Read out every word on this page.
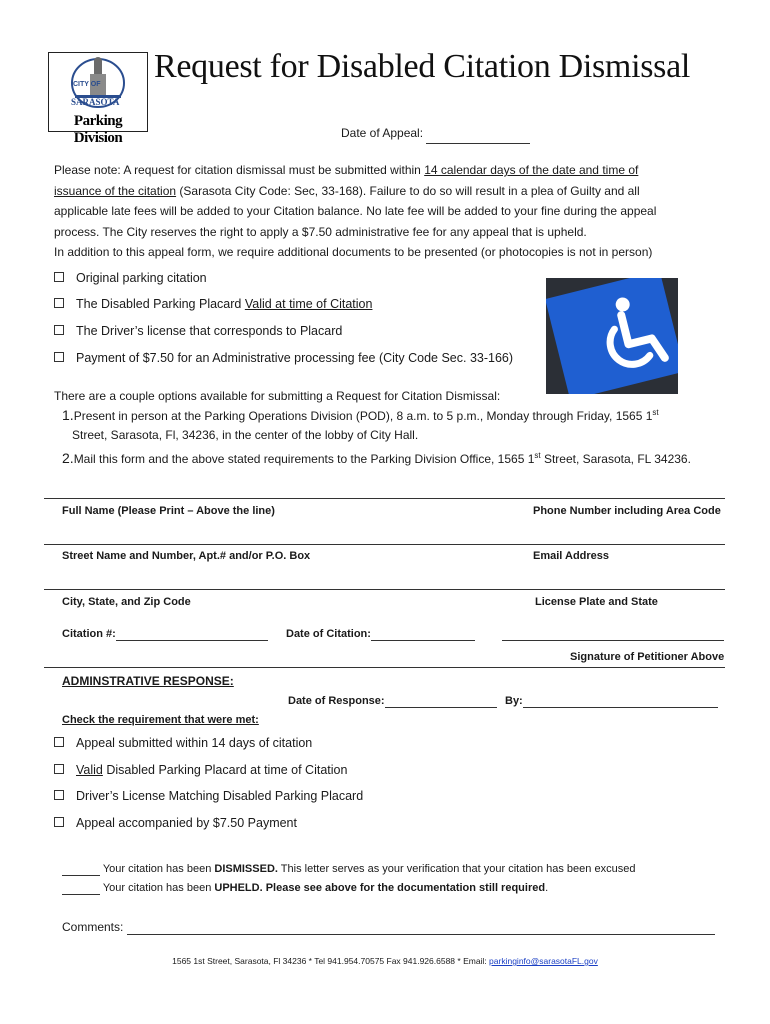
CITY OF
SARASOTA
Parking Division
Request for Disabled Citation Dismissal
Date of Appeal:
Please note: A request for citation dismissal must be submitted within 14 calendar days of the date and time of
issuance of the citation (Sarasota City Code: Sec, 33-168). Failure to do so will result in a plea of Guilty and all
applicable late fees will be added to your Citation balance. No late fee will be added to your fine during the appeal
process. The City reserves the right to apply a $7.50 administrative fee for any appeal that is upheld.
In addition to this appeal form, we require additional documents to be presented (or photocopies is not in person)
Original parking citation
The Disabled Parking Placard Valid at time of Citation
The Driver’s license that corresponds to Placard
Payment of $7.50 for an Administrative processing fee (City Code Sec. 33-166)
There are a couple options available for submitting a Request for Citation Dismissal:
1.Present in person at the Parking Operations Division (POD), 8 a.m. to 5 p.m., Monday through Friday, 1565 1st
Street, Sarasota, Fl, 34236, in the center of the lobby of City Hall.
2.Mail this form and the above stated requirements to the Parking Division Office, 1565 1st Street, Sarasota, FL 34236.
Full Name (Please Print – Above the line)	Phone Number including Area Code
Street Name and Number, Apt.# and/or P.O. Box	Email Address
City, State, and Zip Code	License Plate and State
Citation #:	Date of Citation:
Signature of Petitioner Above
ADMINSTRATIVE RESPONSE:
Date of Response:	By:
Check the requirement that were met:
Appeal submitted within 14 days of citation
Valid Disabled Parking Placard at time of Citation
Driver’s License Matching Disabled Parking Placard
Appeal accompanied by $7.50 Payment
Your citation has been DISMISSED. This letter serves as your verification that your citation has been excused
Your citation has been UPHELD. Please see above for the documentation still required.
Comments:
1565 1st Street, Sarasota, Fl 34236 * Tel 941.954.70575 Fax 941.926.6588 * Email: parkinginfo@sarasotaFL.gov
